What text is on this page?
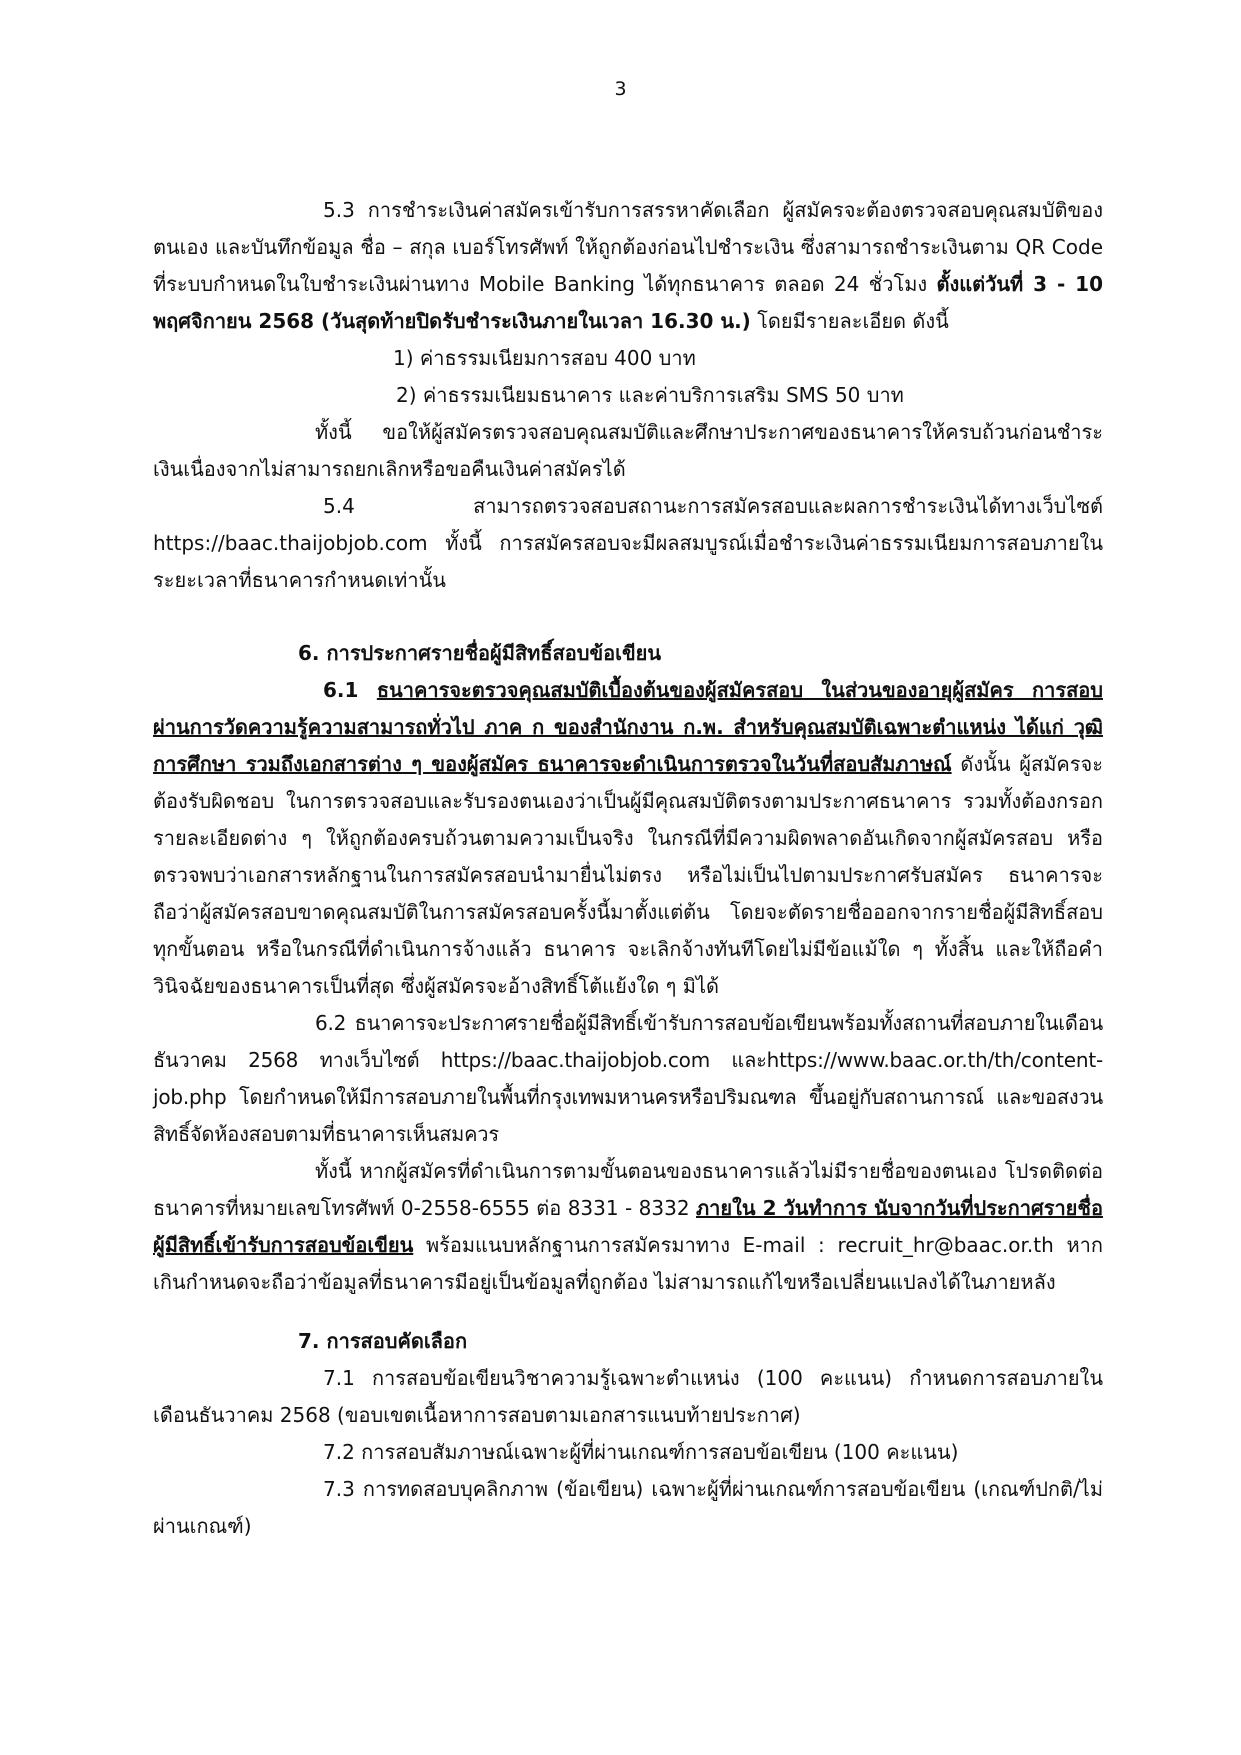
3

5.3 การชำระเงินค่าสมัครเข้ารับการสรรหาคัดเลือก ผู้สมัครจะต้องตรวจสอบคุณสมบัติของตนเอง และบันทึกข้อมูล ชื่อ – สกุล เบอร์โทรศัพท์ ให้ถูกต้องก่อนไปชำระเงิน ซึ่งสามารถชำระเงินตาม QR Code ที่ระบบกำหนดในใบชำระเงินผ่านทาง Mobile Banking ได้ทุกธนาคาร ตลอด 24 ชั่วโมง ตั้งแต่วันที่ 3 - 10 พฤศจิกายน 2568 (วันสุดท้ายปิดรับชำระเงินภายในเวลา 16.30 น.) โดยมีรายละเอียด ดังนี้

1) ค่าธรรมเนียมการสอบ 400 บาท

2) ค่าธรรมเนียมธนาคาร และค่าบริการเสริม SMS 50 บาท

ทั้งนี้ ขอให้ผู้สมัครตรวจสอบคุณสมบัติและศึกษาประกาศของธนาคารให้ครบถ้วนก่อนชำระเงินเนื่องจากไม่สามารถยกเลิกหรือขอคืนเงินค่าสมัครได้

5.4 สามารถตรวจสอบสถานะการสมัครสอบและผลการชำระเงินได้ทางเว็บไซต์ https://baac.thaijobjob.com ทั้งนี้ การสมัครสอบจะมีผลสมบูรณ์เมื่อชำระเงินค่าธรรมเนียมการสอบภายในระยะเวลาที่ธนาคารกำหนดเท่านั้น

6. การประกาศรายชื่อผู้มีสิทธิ์สอบข้อเขียน

6.1 ธนาคารจะตรวจคุณสมบัติเบื้องต้นของผู้สมัครสอบ ในส่วนของอายุผู้สมัคร การสอบผ่านการวัดความรู้ความสามารถทั่วไป ภาค ก ของสำนักงาน ก.พ. สำหรับคุณสมบัติเฉพาะตำแหน่ง ได้แก่ วุฒิการศึกษา รวมถึงเอกสารต่าง ๆ ของผู้สมัคร ธนาคารจะดำเนินการตรวจในวันที่สอบสัมภาษณ์ ดังนั้น ผู้สมัครจะต้องรับผิดชอบ ในการตรวจสอบและรับรองตนเองว่าเป็นผู้มีคุณสมบัติตรงตามประกาศธนาคาร รวมทั้งต้องกรอกรายละเอียดต่าง ๆ ให้ถูกต้องครบถ้วนตามความเป็นจริง ในกรณีที่มีความผิดพลาดอันเกิดจากผู้สมัครสอบ หรือตรวจพบว่าเอกสารหลักฐานในการสมัครสอบนำมายื่นไม่ตรง หรือไม่เป็นไปตามประกาศรับสมัคร ธนาคารจะถือว่าผู้สมัครสอบขาดคุณสมบัติในการสมัครสอบครั้งนี้มาตั้งแต่ต้น โดยจะตัดรายชื่อออกจากรายชื่อผู้มีสิทธิ์สอบทุกขั้นตอน หรือในกรณีที่ดำเนินการจ้างแล้ว ธนาคาร จะเลิกจ้างทันทีโดยไม่มีข้อแม้ใด ๆ ทั้งสิ้น และให้ถือคำวินิจฉัยของธนาคารเป็นที่สุด ซึ่งผู้สมัครจะอ้างสิทธิ์โต้แย้งใด ๆ มิได้

6.2 ธนาคารจะประกาศรายชื่อผู้มีสิทธิ์เข้ารับการสอบข้อเขียนพร้อมทั้งสถานที่สอบภายในเดือนธันวาคม 2568 ทางเว็บไซต์ https://baac.thaijobjob.com และhttps://www.baac.or.th/th/content-job.php โดยกำหนดให้มีการสอบภายในพื้นที่กรุงเทพมหานครหรือปริมณฑล ขึ้นอยู่กับสถานการณ์ และขอสงวนสิทธิ์จัดห้องสอบตามที่ธนาคารเห็นสมควร

ทั้งนี้ หากผู้สมัครที่ดำเนินการตามขั้นตอนของธนาคารแล้วไม่มีรายชื่อของตนเอง โปรดติดต่อธนาคารที่หมายเลขโทรศัพท์ 0-2558-6555 ต่อ 8331 - 8332 ภายใน 2 วันทำการ นับจากวันที่ประกาศรายชื่อผู้มีสิทธิ์เข้ารับการสอบข้อเขียน พร้อมแนบหลักฐานการสมัครมาทาง E-mail : recruit_hr@baac.or.th หากเกินกำหนดจะถือว่าข้อมูลที่ธนาคารมีอยู่เป็นข้อมูลที่ถูกต้อง ไม่สามารถแก้ไขหรือเปลี่ยนแปลงได้ในภายหลัง

7. การสอบคัดเลือก

7.1 การสอบข้อเขียนวิชาความรู้เฉพาะตำแหน่ง (100 คะแนน) กำหนดการสอบภายในเดือนธันวาคม 2568 (ขอบเขตเนื้อหาการสอบตามเอกสารแนบท้ายประกาศ)

7.2 การสอบสัมภาษณ์เฉพาะผู้ที่ผ่านเกณฑ์การสอบข้อเขียน (100 คะแนน)

7.3 การทดสอบบุคลิกภาพ (ข้อเขียน) เฉพาะผู้ที่ผ่านเกณฑ์การสอบข้อเขียน (เกณฑ์ปกติ/ไม่ผ่านเกณฑ์)
